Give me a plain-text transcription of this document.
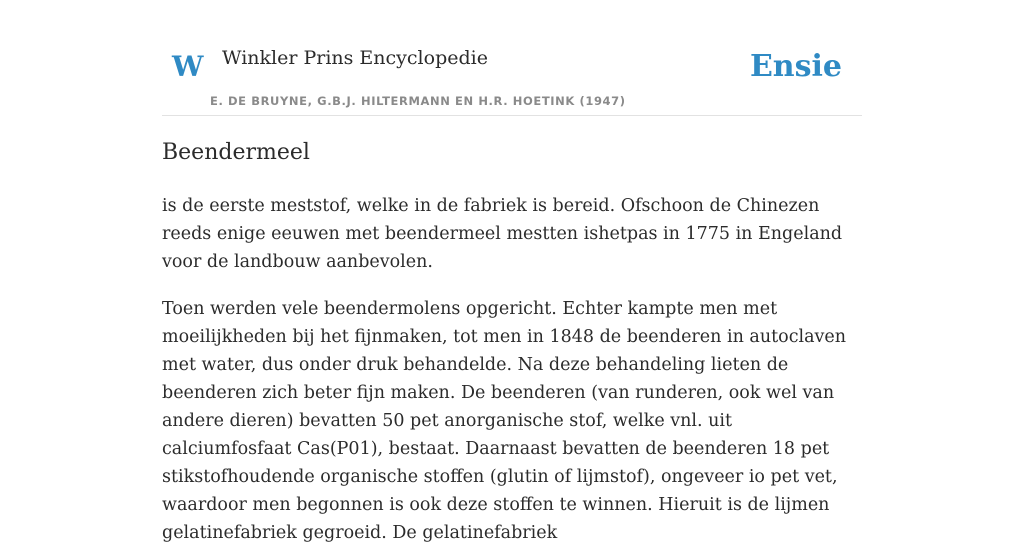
W Winkler Prins Encyclopedie
E. DE BRUYNE, G.B.J. HILTERMANN EN H.R. HOETINK (1947)
Ensie
Beendermeel

is de eerste meststof, welke in de fabriek is bereid. Ofschoon de Chinezen reeds enige eeuwen met beendermeel mestten ishetpas in 1775 in Engeland voor de landbouw aanbevolen.

Toen werden vele beendermolens opgericht. Echter kampte men met moeilijkheden bij het fijnmaken, tot men in 1848 de beenderen in autoclaven met water, dus onder druk behandelde. Na deze behandeling lieten de beenderen zich beter fijn maken. De beenderen (van runderen, ook wel van andere dieren) bevatten 50 pet anorganische stof, welke vnl. uit calciumfosfaat Cas(P01), bestaat. Daarnaast bevatten de beenderen 18 pet stikstofhoudende organische stoffen (glutin of lijmstof), ongeveer io pet vet, waardoor men begonnen is ook deze stoffen te winnen. Hieruit is de lijmen gelatinefabriek gegroeid. De gelatinefabriek
